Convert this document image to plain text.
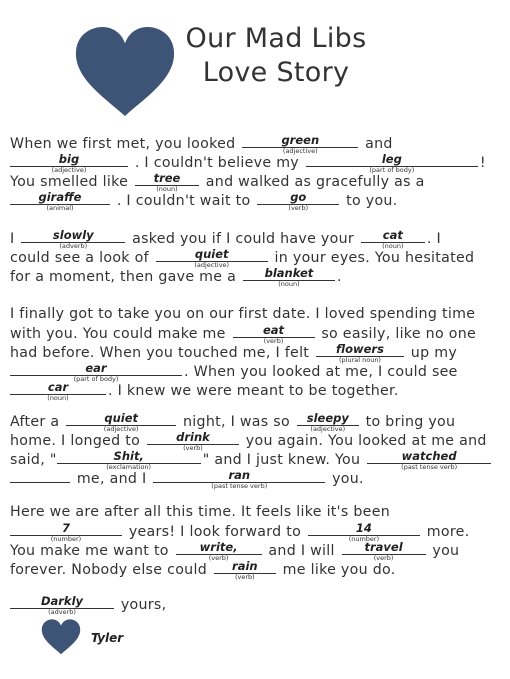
Our Mad Libs
Love Story
When we first met, you looked	green
(adjective)	and
big
(adjective)	. I couldn't believe my	leg
(part of body)	!
You smelled like	tree
(noun)	and walked as gracefully as a
giraffe
(animal)	. I couldn't wait to	go
(verb)	to you.
I	slowly
(adverb)	asked you if I could have your	cat
(noun)	. I
could see a look of	quiet
(adjective)	in your eyes. You hesitated
for a moment, then gave me a	blanket
(noun)	.
I finally got to take you on our first date. I loved spending time
with you. You could make me	eat
(verb)	so easily, like no one
had before. When you touched me, I felt	flowers
(plural noun)	up my
ear
(part of body)	. When you looked at me, I could see
car
(noun)	. I knew we were meant to be together.
After a	quiet
(adjective)	night, I was so	sleepy
(adjective)	to bring you
home. I longed to	drink
(verb)	you again. You looked at me and
said, "	Shit,
(exclamation)	" and I just knew. You	watched
(past tense verb)
me, and I	ran
(past tense verb)	you.
Here we are after all this time. It feels like it's been
7
(number)	years! I look forward to	14
(number)	more.
You make me want to	write,
(verb)	and I will	travel
(verb)	you
forever. Nobody else could	rain
(verb)	me like you do.
Darkly
(adverb)	yours,
Tyler
